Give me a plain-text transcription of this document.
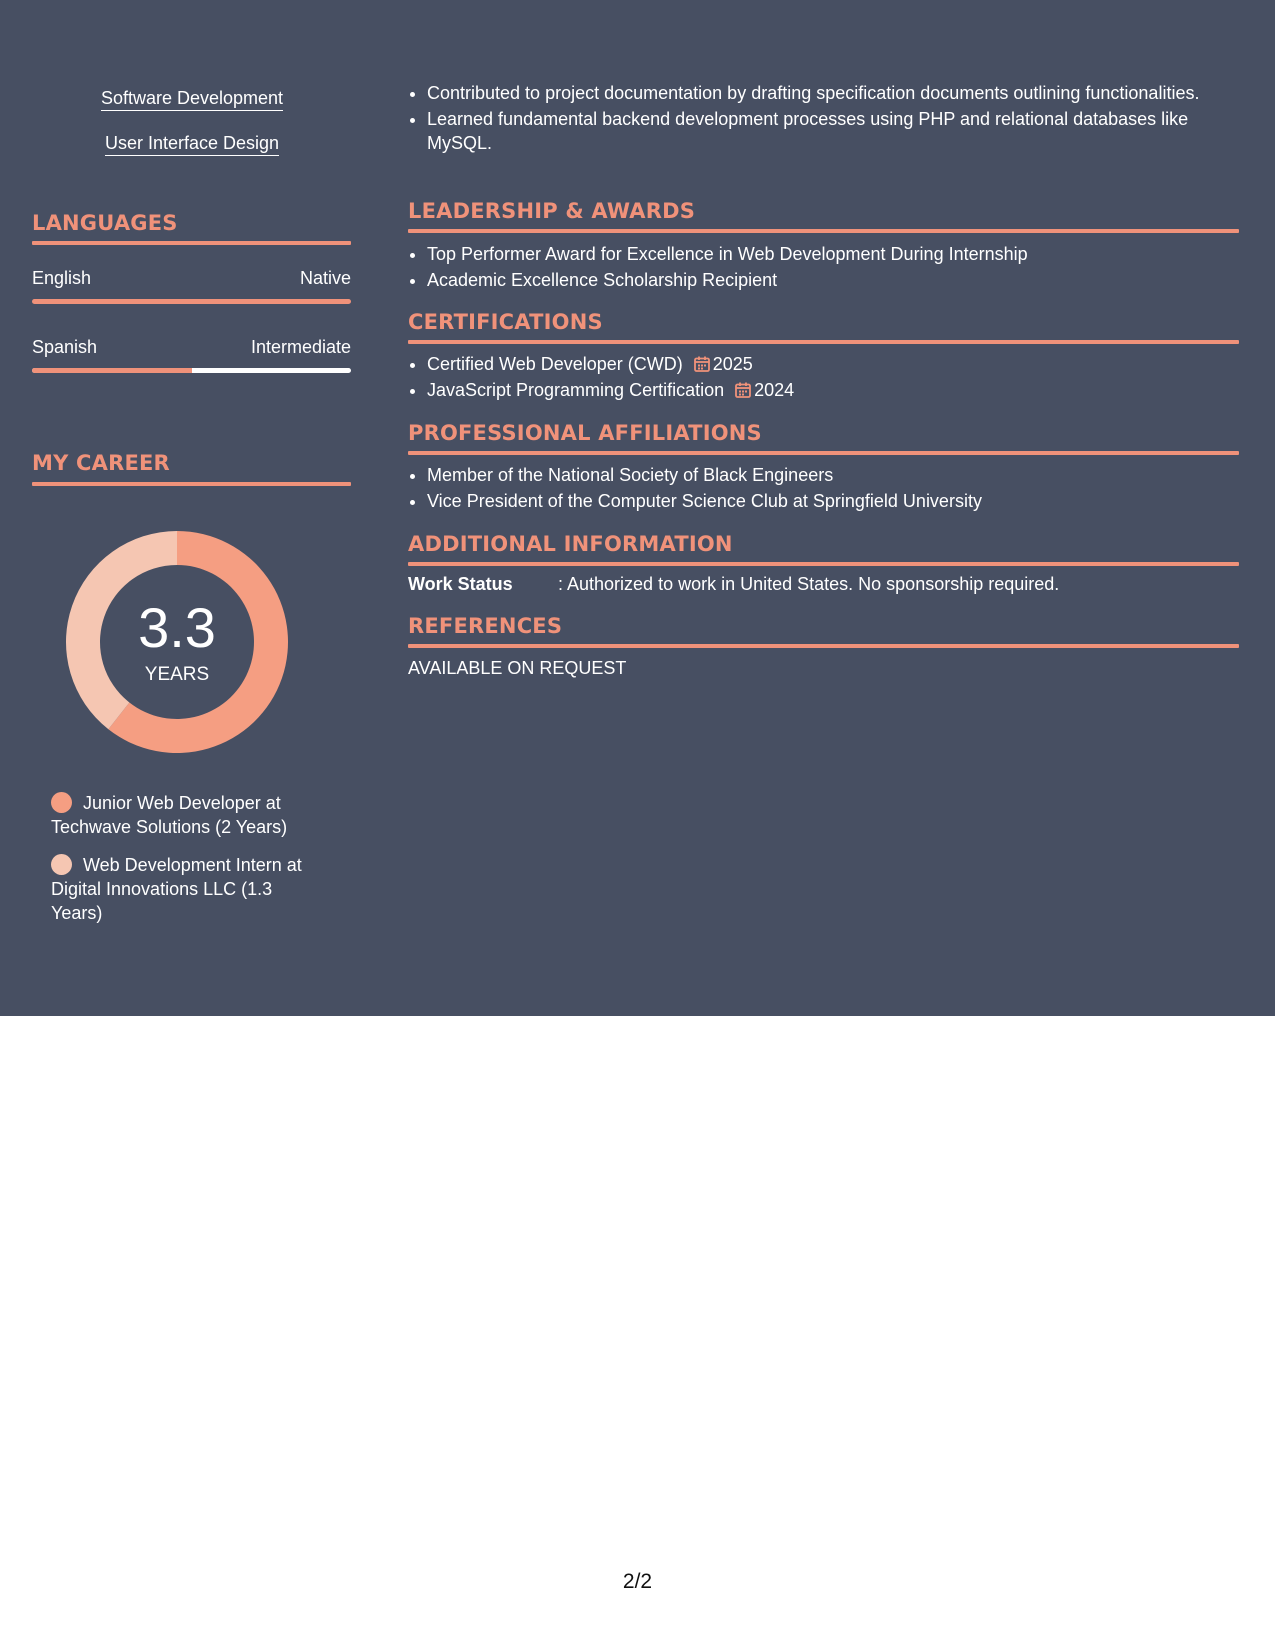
Software Development
User Interface Design
LANGUAGES
English	Native
Spanish	Intermediate
MY CAREER
3.3
YEARS
Junior Web Developer at Techwave Solutions (2 Years)
Web Development Intern at Digital Innovations LLC (1.3 Years)
• Contributed to project documentation by drafting specification documents outlining functionalities.
• Learned fundamental backend development processes using PHP and relational databases like MySQL.
LEADERSHIP & AWARDS
• Top Performer Award for Excellence in Web Development During Internship
• Academic Excellence Scholarship Recipient
CERTIFICATIONS
• Certified Web Developer (CWD) 2025
• JavaScript Programming Certification 2024
PROFESSIONAL AFFILIATIONS
• Member of the National Society of Black Engineers
• Vice President of the Computer Science Club at Springfield University
ADDITIONAL INFORMATION
Work Status	: Authorized to work in United States. No sponsorship required.
REFERENCES
AVAILABLE ON REQUEST
2/2
